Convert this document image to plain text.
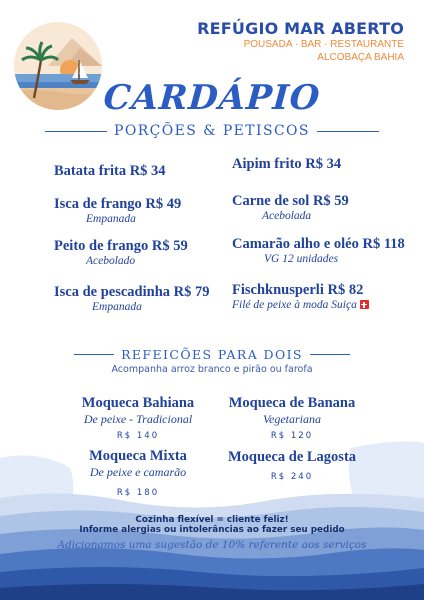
REFÚGIO MAR ABERTO
POUSADA · BAR · RESTAURANTE
ALCOBAÇA BAHIA
CARDÁPIO
PORÇÕES & PETISCOS
Batata frita R$ 34
Isca de frango R$ 49
Empanada
Peito de frango R$ 59
Acebolado
Isca de pescadinha R$ 79
Empanada
Aipim frito R$ 34
Carne de sol R$ 59
Acebolada
Camarão alho e oléo R$ 118
VG 12 unidades
Fischknusperli R$ 82
Filé de peixe à moda Suiça
REFEICÕES PARA DOIS
Acompanha arroz branco e pirão ou farofa
Moqueca Bahiana
De peixe - Tradicional
R$ 140
Moqueca Mixta
De peixe e camarão
R$ 180
Moqueca de Banana
Vegetariana
R$ 120
Moqueca de Lagosta
R$ 240
Cozinha flexível = cliente feliz!
Informe alergias ou intolerâncias ao fazer seu pedido
Adicionamos uma sugestão de 10% referente aos serviços
